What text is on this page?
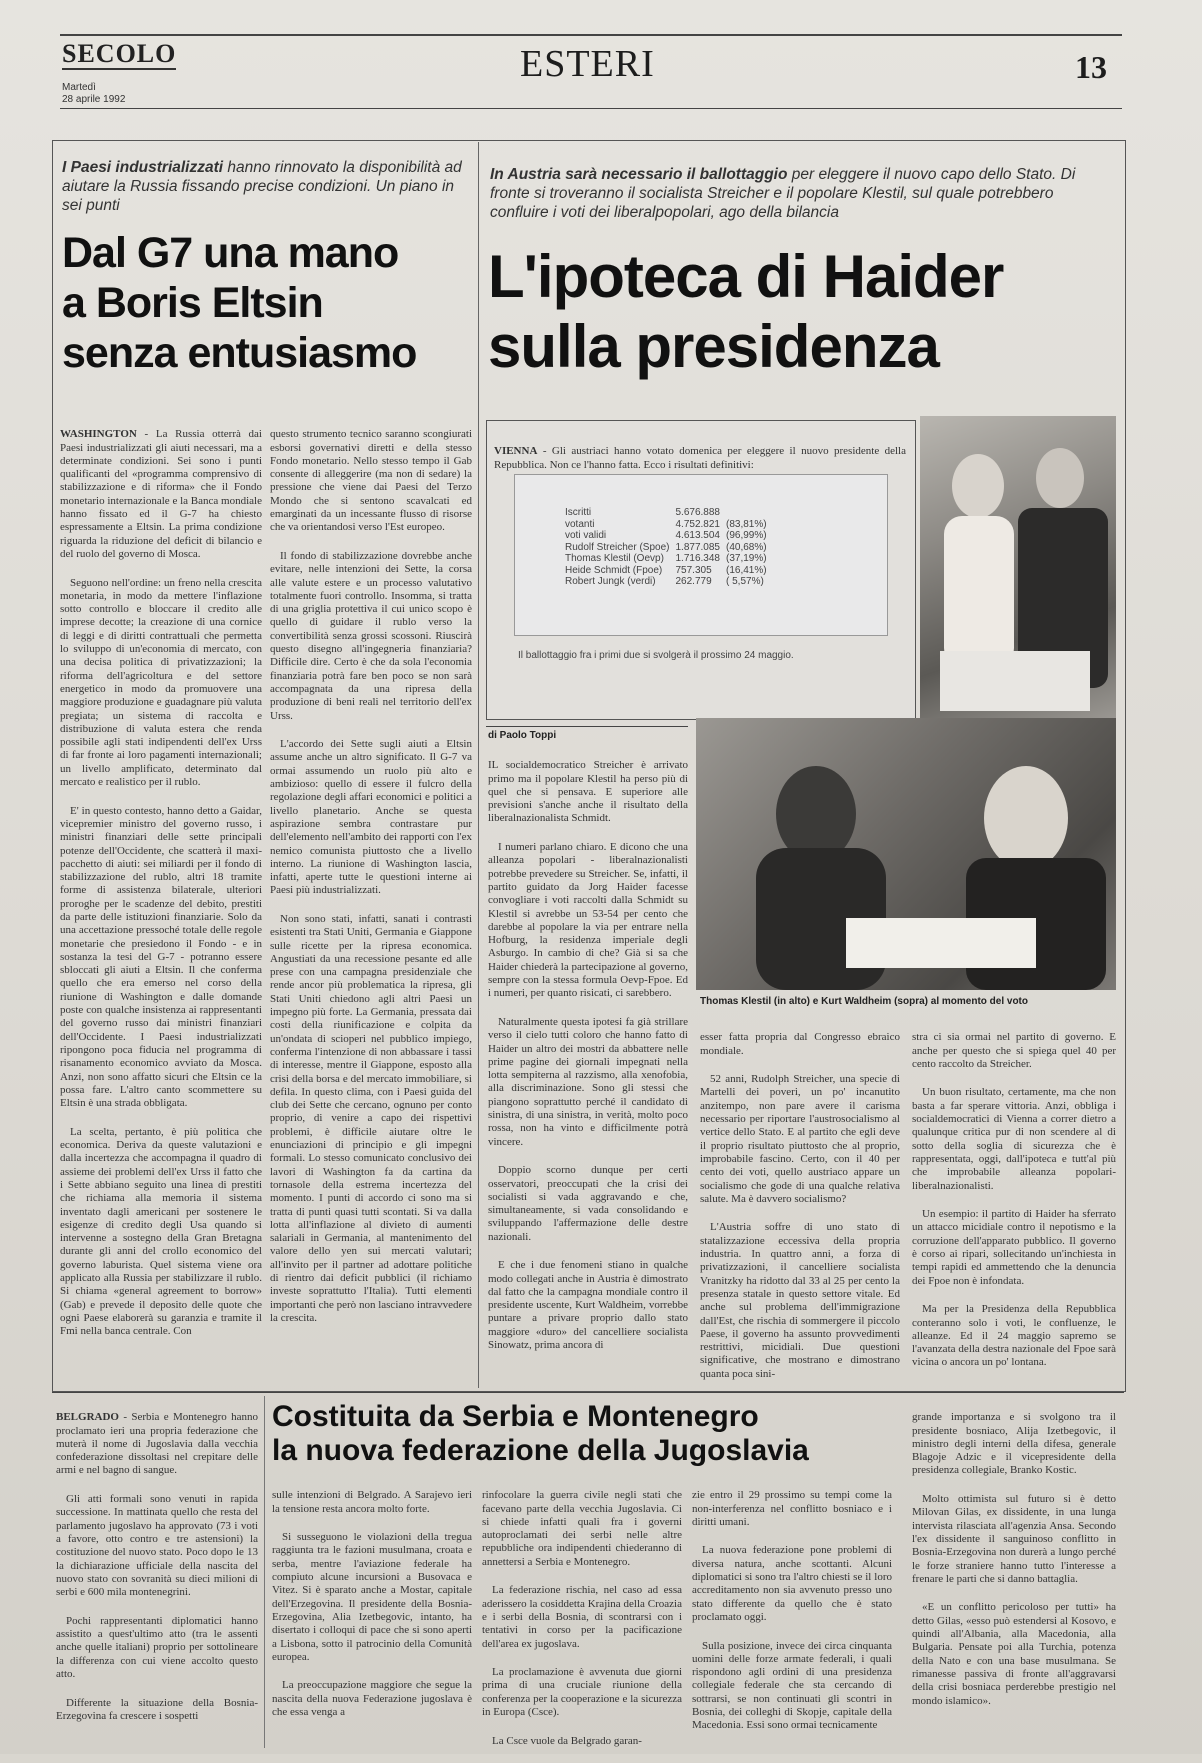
SECOLO
Martedì
28 aprile 1992
ESTERI	13
I Paesi industrializzati hanno rinnovato la disponibilità ad aiutare la Russia fissando precise condizioni. Un piano in sei punti
Dal G7 una mano
a Boris Eltsin
senza entusiasmo

WASHINGTON - La Russia otterrà dai Paesi industrializzati gli aiuti necessari, ma a determinate condizioni. Sei sono i punti qualificanti del «programma comprensivo di stabilizzazione e di riforma» che il Fondo monetario internazionale e la Banca mondiale hanno fissato ed il G-7 ha chiesto espressamente a Eltsin. La prima condizione riguarda la riduzione del deficit di bilancio e del ruolo del governo di Mosca.

Seguono nell'ordine: un freno nella crescita monetaria, in modo da mettere l'inflazione sotto controllo e bloccare il credito alle imprese decotte; la creazione di una cornice di leggi e di diritti contrattuali che permetta lo sviluppo di un'economia di mercato, con una decisa politica di privatizzazioni; la riforma dell'agricoltura e del settore energetico in modo da promuovere una maggiore produzione e guadagnare più valuta pregiata; un sistema di raccolta e distribuzione di valuta estera che renda possibile agli stati indipendenti dell'ex Urss di far fronte ai loro pagamenti internazionali; un livello amplificato, determinato dal mercato e realistico per il rublo.

E' in questo contesto, hanno detto a Gaidar, vicepremier ministro del governo russo, i ministri finanziari delle sette principali potenze dell'Occidente, che scatterà il maxi-pacchetto di aiuti: sei miliardi per il fondo di stabilizzazione del rublo, altri 18 tramite forme di assistenza bilaterale, ulteriori proroghe per le scadenze del debito, prestiti da parte delle istituzioni finanziarie. Solo da una accettazione pressoché totale delle regole monetarie che presiedono il Fondo - e in sostanza la tesi del G-7 - potranno essere sbloccati gli aiuti a Eltsin. Il che conferma quello che era emerso nel corso della riunione di Washington e dalle domande poste con qualche insistenza ai rappresentanti del governo russo dai ministri finanziari dell'Occidente. I Paesi industrializzati ripongono poca fiducia nel programma di risanamento economico avviato da Mosca. Anzi, non sono affatto sicuri che Eltsin ce la possa fare. L'altro canto scommettere su Eltsin è una strada obbligata.

La scelta, pertanto, è più politica che economica. Deriva da queste valutazioni e dalla incertezza che accompagna il quadro di assieme dei problemi dell'ex Urss il fatto che i Sette abbiano seguito una linea di prestiti che richiama alla memoria il sistema inventato dagli americani per sostenere le esigenze di credito degli Usa quando si intervenne a sostegno della Gran Bretagna durante gli anni del crollo economico del governo laburista. Quel sistema viene ora applicato alla Russia per stabilizzare il rublo. Si chiama «general agreement to borrow» (Gab) e prevede il deposito delle quote che ogni Paese elaborerà su garanzia e tramite il Fmi nella banca centrale. Con

questo strumento tecnico saranno scongiurati esborsi governativi diretti e della stesso Fondo monetario. Nello stesso tempo il Gab consente di alleggerire (ma non di sedare) la pressione che viene dai Paesi del Terzo Mondo che si sentono scavalcati ed emarginati da un incessante flusso di risorse che va orientandosi verso l'Est europeo.

Il fondo di stabilizzazione dovrebbe anche evitare, nelle intenzioni dei Sette, la corsa alle valute estere e un processo valutativo totalmente fuori controllo. Insomma, si tratta di una griglia protettiva il cui unico scopo è quello di guidare il rublo verso la convertibilità senza grossi scossoni. Riuscirà questo disegno all'ingegneria finanziaria? Difficile dire. Certo è che da sola l'economia finanziaria potrà fare ben poco se non sarà accompagnata da una ripresa della produzione di beni reali nel territorio dell'ex Urss.

L'accordo dei Sette sugli aiuti a Eltsin assume anche un altro significato. Il G-7 va ormai assumendo un ruolo più alto e ambizioso: quello di essere il fulcro della regolazione degli affari economici e politici a livello planetario. Anche se questa aspirazione sembra contrastare pur dell'elemento nell'ambito dei rapporti con l'ex nemico comunista piuttosto che a livello interno. La riunione di Washington lascia, infatti, aperte tutte le questioni interne ai Paesi più industrializzati.

Non sono stati, infatti, sanati i contrasti esistenti tra Stati Uniti, Germania e Giappone sulle ricette per la ripresa economica. Angustiati da una recessione pesante ed alle prese con una campagna presidenziale che rende ancor più problematica la ripresa, gli Stati Uniti chiedono agli altri Paesi un impegno più forte. La Germania, pressata dai costi della riunificazione e colpita da un'ondata di scioperi nel pubblico impiego, conferma l'intenzione di non abbassare i tassi di interesse, mentre il Giappone, esposto alla crisi della borsa e del mercato immobiliare, si defila. In questo clima, con i Paesi guida del club dei Sette che cercano, ognuno per conto proprio, di venire a capo dei rispettivi problemi, è difficile aiutare oltre le enunciazioni di principio e gli impegni formali. Lo stesso comunicato conclusivo dei lavori di Washington fa da cartina da tornasole della estrema incertezza del momento. I punti di accordo ci sono ma si tratta di punti quasi tutti scontati. Si va dalla lotta all'inflazione al divieto di aumenti salariali in Germania, al mantenimento del valore dello yen sui mercati valutari; all'invito per il partner ad adottare politiche di rientro dai deficit pubblici (il richiamo investe soprattutto l'Italia). Tutti elementi importanti che però non lasciano intravvedere la crescita.

In Austria sarà necessario il ballottaggio per eleggere il nuovo capo dello Stato. Di fronte si troveranno il socialista Streicher e il popolare Klestil, sul quale potrebbero confluire i voti dei liberalpopolari, ago della bilancia
L'ipoteca di Haider
sulla presidenza

VIENNA - Gli austriaci hanno votato domenica per eleggere il nuovo presidente della Repubblica. Non ce l'hanno fatta. Ecco i risultati definitivi:

Iscritti	5.676.888	
votanti	4.752.821	(83,81%)
voti validi	4.613.504	(96,99%)
Rudolf Streicher (Spoe)	1.877.085	(40,68%)
Thomas Klestil (Oevp)	1.716.348	(37,19%)
Heide Schmidt (Fpoe)	757.305	(16,41%)
Robert Jungk (verdi)	262.779	( 5,57%)
Il ballottaggio fra i primi due si svolgerà il prossimo 24 maggio.
Thomas Klestil (in alto) e Kurt Waldheim (sopra) al momento del voto
di Paolo Toppi

IL socialdemocratico Streicher è arrivato primo ma il popolare Klestil ha perso più di quel che si pensava. E superiore alle previsioni s'anche anche il risultato della liberalnazionalista Schmidt.

I numeri parlano chiaro. E dicono che una alleanza popolari - liberalnazionalisti potrebbe prevedere su Streicher. Se, infatti, il partito guidato da Jorg Haider facesse convogliare i voti raccolti dalla Schmidt su Klestil si avrebbe un 53-54 per cento che darebbe al popolare la via per entrare nella Hofburg, la residenza imperiale degli Asburgo. In cambio di che? Già si sa che Haider chiederà la partecipazione al governo, sempre con la stessa formula Oevp-Fpoe. Ed i numeri, per quanto risicati, ci sarebbero.

Naturalmente questa ipotesi fa già strillare verso il cielo tutti coloro che hanno fatto di Haider un altro dei mostri da abbattere nelle prime pagine dei giornali impegnati nella lotta sempiterna al razzismo, alla xenofobia, alla discriminazione. Sono gli stessi che piangono soprattutto perché il candidato di sinistra, di una sinistra, in verità, molto poco rossa, non ha vinto e difficilmente potrà vincere.

Doppio scorno dunque per certi osservatori, preoccupati che la crisi dei socialisti si vada aggravando e che, simultaneamente, si vada consolidando e sviluppando l'affermazione delle destre nazionali.

E che i due fenomeni stiano in qualche modo collegati anche in Austria è dimostrato dal fatto che la campagna mondiale contro il presidente uscente, Kurt Waldheim, vorrebbe puntare a privare proprio dallo stato maggiore «duro» del cancelliere socialista Sinowatz, prima ancora di

esser fatta propria dal Congresso ebraico mondiale.

52 anni, Rudolph Streicher, una specie di Martelli dei poveri, un po' incanutito anzitempo, non pare avere il carisma necessario per riportare l'austrosocialismo al vertice dello Stato. E al partito che egli deve il proprio risultato piuttosto che al proprio, improbabile fascino. Certo, con il 40 per cento dei voti, quello austriaco appare un socialismo che gode di una qualche relativa salute. Ma è davvero socialismo?

L'Austria soffre di uno stato di statalizzazione eccessiva della propria industria. In quattro anni, a forza di privatizzazioni, il cancelliere socialista Vranitzky ha ridotto dal 33 al 25 per cento la presenza statale in questo settore vitale. Ed anche sul problema dell'immigrazione dall'Est, che rischia di sommergere il piccolo Paese, il governo ha assunto provvedimenti restrittivi, micidiali. Due questioni significative, che mostrano e dimostrano quanta poca sini-

stra ci sia ormai nel partito di governo. E anche per questo che si spiega quel 40 per cento raccolto da Streicher.

Un buon risultato, certamente, ma che non basta a far sperare vittoria. Anzi, obbliga i socialdemocratici di Vienna a correr dietro a qualunque critica pur di non scendere al di sotto della soglia di sicurezza che è rappresentata, oggi, dall'ipoteca e tutt'al più che improbabile alleanza popolari-liberalnazionalisti.

Un esempio: il partito di Haider ha sferrato un attacco micidiale contro il nepotismo e la corruzione dell'apparato pubblico. Il governo è corso ai ripari, sollecitando un'inchiesta in tempi rapidi ed ammettendo che la denuncia dei Fpoe non è infondata.

Ma per la Presidenza della Repubblica conteranno solo i voti, le confluenze, le alleanze. Ed il 24 maggio sapremo se l'avanzata della destra nazionale del Fpoe sarà vicina o ancora un po' lontana.

BELGRADO - Serbia e Montenegro hanno proclamato ieri una propria federazione che muterà il nome di Jugoslavia dalla vecchia confederazione dissoltasi nel crepitare delle armi e nel bagno di sangue.

Gli atti formali sono venuti in rapida successione. In mattinata quello che resta del parlamento jugoslavo ha approvato (73 i voti a favore, otto contro e tre astensioni) la costituzione del nuovo stato. Poco dopo le 13 la dichiarazione ufficiale della nascita del nuovo stato con sovranità su dieci milioni di serbi e 600 mila montenegrini.

Pochi rappresentanti diplomatici hanno assistito a quest'ultimo atto (tra le assenti anche quelle italiani) proprio per sottolineare la differenza con cui viene accolto questo atto.

Differente la situazione della Bosnia-Erzegovina fa crescere i sospetti

Costituita da Serbia e Montenegro
la nuova federazione della Jugoslavia

sulle intenzioni di Belgrado. A Sarajevo ieri la tensione resta ancora molto forte.

Si susseguono le violazioni della tregua raggiunta tra le fazioni musulmana, croata e serba, mentre l'aviazione federale ha compiuto alcune incursioni a Busovaca e Vitez. Si è sparato anche a Mostar, capitale dell'Erzegovina. Il presidente della Bosnia-Erzegovina, Alia Izetbegovic, intanto, ha disertato i colloqui di pace che si sono aperti a Lisbona, sotto il patrocinio della Comunità europea.

La preoccupazione maggiore che segue la nascita della nuova Federazione jugoslava è che essa venga a

rinfocolare la guerra civile negli stati che facevano parte della vecchia Jugoslavia. Ci si chiede infatti quali fra i governi autoproclamati dei serbi nelle altre repubbliche ora indipendenti chiederanno di annettersi a Serbia e Montenegro.

La federazione rischia, nel caso ad essa aderissero la cosiddetta Krajina della Croazia e i serbi della Bosnia, di scontrarsi con i tentativi in corso per la pacificazione dell'area ex jugoslava.

La proclamazione è avvenuta due giorni prima di una cruciale riunione della conferenza per la cooperazione e la sicurezza in Europa (Csce).

La Csce vuole da Belgrado garan-

zie entro il 29 prossimo su tempi come la non-interferenza nel conflitto bosniaco e i diritti umani.

La nuova federazione pone problemi di diversa natura, anche scottanti. Alcuni diplomatici si sono tra l'altro chiesti se il loro accreditamento non sia avvenuto presso uno stato differente da quello che è stato proclamato oggi.

Sulla posizione, invece dei circa cinquanta uomini delle forze armate federali, i quali rispondono agli ordini di una presidenza collegiale federale che sta cercando di sottrarsi, se non continuati gli scontri in Bosnia, dei colleghi di Skopje, capitale della Macedonia. Essi sono ormai tecnicamente

grande importanza e si svolgono tra il presidente bosniaco, Alija Izetbegovic, il ministro degli interni della difesa, generale Blagoje Adzic e il vicepresidente della presidenza collegiale, Branko Kostic.

Molto ottimista sul futuro si è detto Milovan Gilas, ex dissidente, in una lunga intervista rilasciata all'agenzia Ansa. Secondo l'ex dissidente il sanguinoso conflitto in Bosnia-Erzegovina non durerà a lungo perché le forze straniere hanno tutto l'interesse a frenare le parti che si danno battaglia.

«E un conflitto pericoloso per tutti» ha detto Gilas, «esso può estendersi al Kosovo, e quindi all'Albania, alla Macedonia, alla Bulgaria. Pensate poi alla Turchia, potenza della Nato e con una base musulmana. Se rimanesse passiva di fronte all'aggravarsi della crisi bosniaca perderebbe prestigio nel mondo islamico».
